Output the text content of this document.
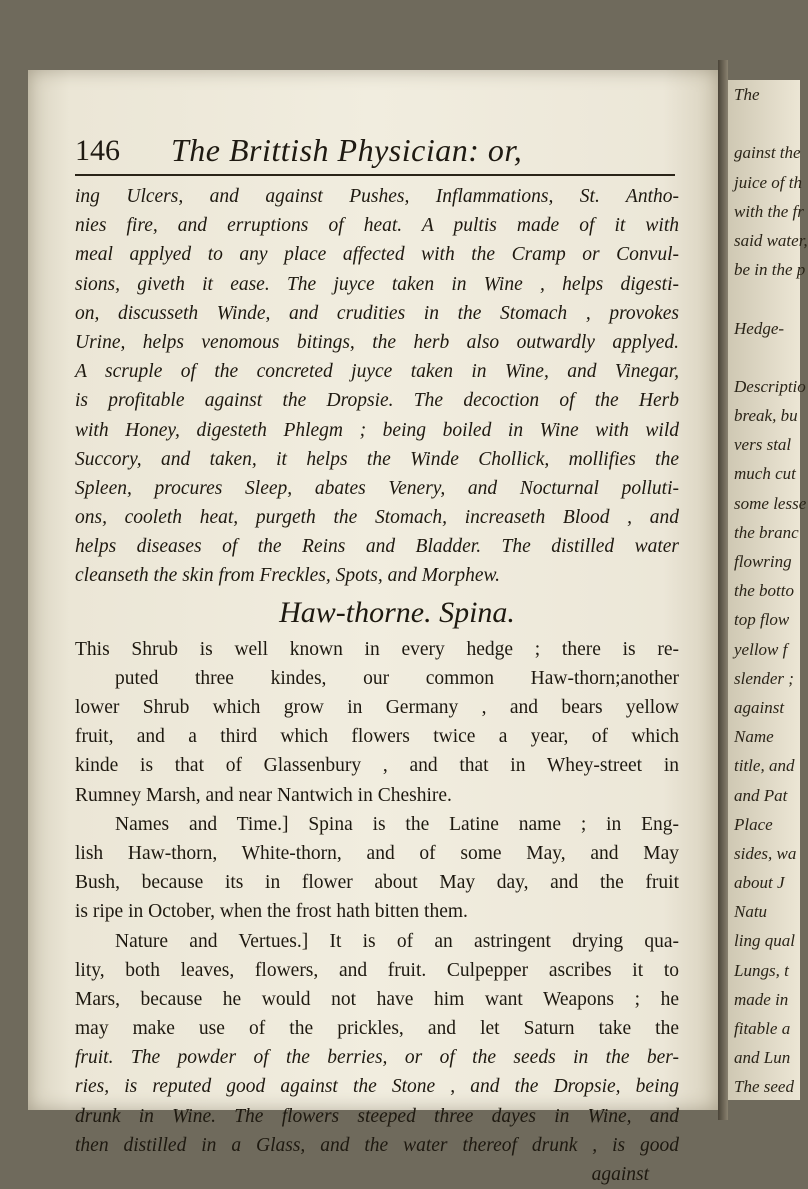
The
gainst the
juice of th
with the fr
said water,
be in the p
Hedge-
Descriptio
break, bu
vers stal
much cut
some lesse
the branc
flowring
the botto
top flow
yellow f
slender ;
against
Name
title, and
and Pat
Place
sides, wa
about J
Natu
ling qual
Lungs, t
made in
fitable a
and Lun
The seed
146 The Brittish Physician: or,
ing Ulcers, and against Pushes, Inflammations, St. Antho-
nies fire, and erruptions of heat. A pultis made of it with
meal applyed to any place affected with the Cramp or Convul-
sions, giveth it ease. The juyce taken in Wine , helps digesti-
on, discusseth Winde, and crudities in the Stomach , provokes
Urine, helps venomous bitings, the herb also outwardly applyed.
A scruple of the concreted juyce taken in Wine, and Vinegar,
is profitable against the Dropsie. The decoction of the Herb
with Honey, digesteth Phlegm ; being boiled in Wine with wild
Succory, and taken, it helps the Winde Chollick, mollifies the
Spleen, procures Sleep, abates Venery, and Nocturnal polluti-
ons, cooleth heat, purgeth the Stomach, increaseth Blood , and
helps diseases of the Reins and Bladder. The distilled water
cleanseth the skin from Freckles, Spots, and Morphew.
Haw-thorne. Spina.
This Shrub is well known in every hedge ; there is re-
puted three kindes, our common Haw-thorn;another
lower Shrub which grow in Germany , and bears yellow
fruit, and a third which flowers twice a year, of which
kinde is that of Glassenbury , and that in Whey-street in
Rumney Marsh, and near Nantwich in Cheshire.
Names and Time.] Spina is the Latine name ; in Eng-
lish Haw-thorn, White-thorn, and of some May, and May
Bush, because its in flower about May day, and the fruit
is ripe in October, when the frost hath bitten them.
Nature and Vertues.] It is of an astringent drying qua-
lity, both leaves, flowers, and fruit. Culpepper ascribes it to
Mars, because he would not have him want Weapons ; he
may make use of the prickles, and let Saturn take the
fruit. The powder of the berries, or of the seeds in the ber-
ries, is reputed good against the Stone , and the Dropsie, being
drunk in Wine. The flowers steeped three dayes in Wine, and
then distilled in a Glass, and the water thereof drunk , is good
against
